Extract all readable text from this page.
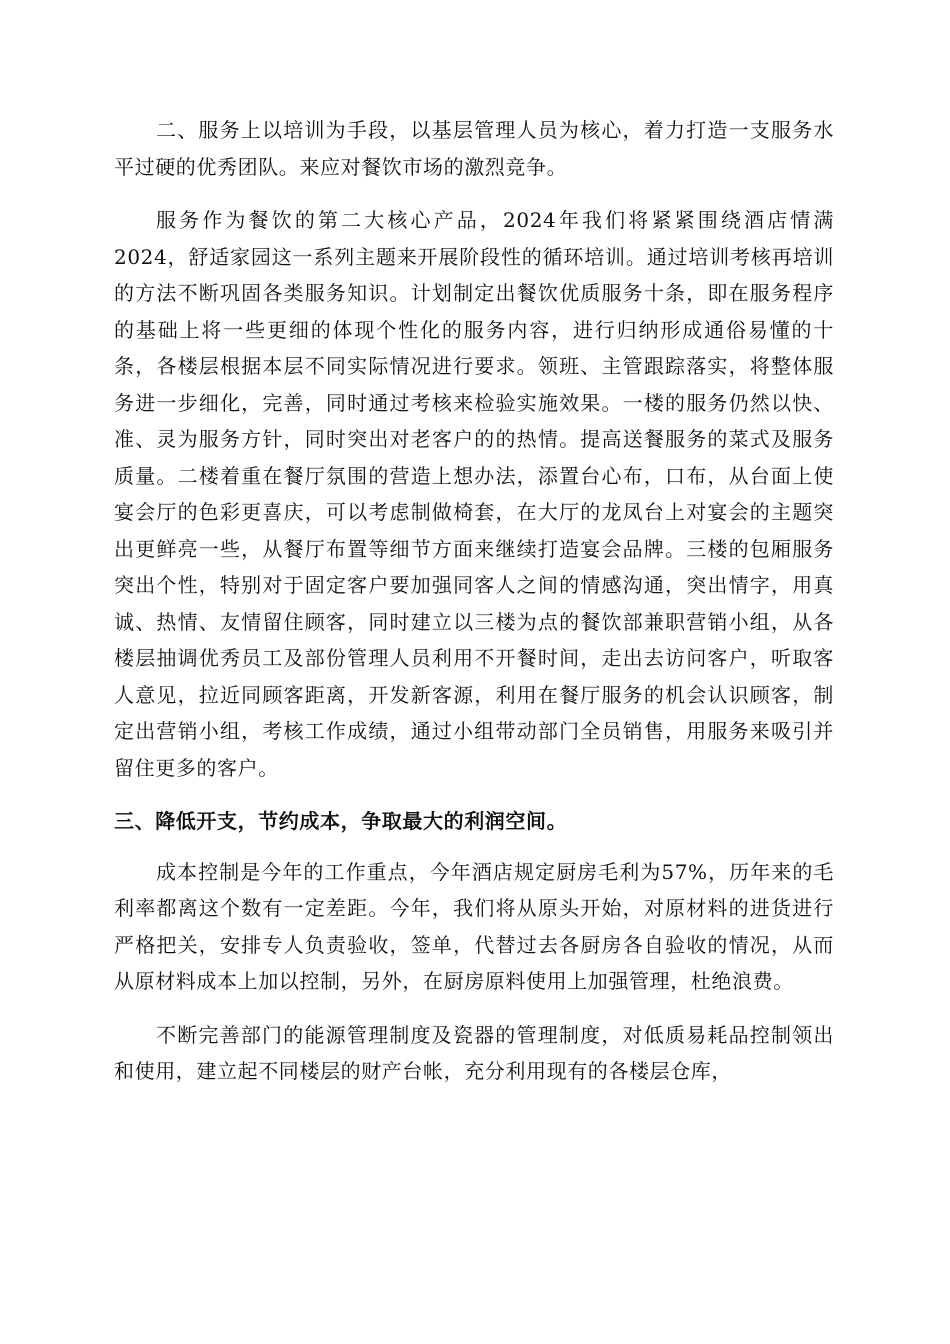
二、服务上以培训为手段，以基层管理人员为核心，着力打造一支服务水平过硬的优秀团队。来应对餐饮市场的激烈竞争。

服务作为餐饮的第二大核心产品，2024年我们将紧紧围绕酒店情满2024，舒适家园这一系列主题来开展阶段性的循环培训。通过培训考核再培训的方法不断巩固各类服务知识。计划制定出餐饮优质服务十条，即在服务程序的基础上将一些更细的体现个性化的服务内容，进行归纳形成通俗易懂的十条，各楼层根据本层不同实际情况进行要求。领班、主管跟踪落实，将整体服务进一步细化，完善，同时通过考核来检验实施效果。一楼的服务仍然以快、准、灵为服务方针，同时突出对老客户的的热情。提高送餐服务的菜式及服务质量。二楼着重在餐厅氛围的营造上想办法，添置台心布，口布，从台面上使宴会厅的色彩更喜庆，可以考虑制做椅套，在大厅的龙凤台上对宴会的主题突出更鲜亮一些，从餐厅布置等细节方面来继续打造宴会品牌。三楼的包厢服务突出个性，特别对于固定客户要加强同客人之间的情感沟通，突出情字，用真诚、热情、友情留住顾客，同时建立以三楼为点的餐饮部兼职营销小组，从各楼层抽调优秀员工及部份管理人员利用不开餐时间，走出去访问客户，听取客人意见，拉近同顾客距离，开发新客源，利用在餐厅服务的机会认识顾客，制定出营销小组，考核工作成绩，通过小组带动部门全员销售，用服务来吸引并留住更多的客户。

三、降低开支，节约成本，争取最大的利润空间。

成本控制是今年的工作重点，今年酒店规定厨房毛利为57%，历年来的毛利率都离这个数有一定差距。今年，我们将从原头开始，对原材料的进货进行严格把关，安排专人负责验收，签单，代替过去各厨房各自验收的情况，从而从原材料成本上加以控制，另外，在厨房原料使用上加强管理，杜绝浪费。

不断完善部门的能源管理制度及瓷器的管理制度，对低质易耗品控制领出和使用，建立起不同楼层的财产台帐，充分利用现有的各楼层仓库，
